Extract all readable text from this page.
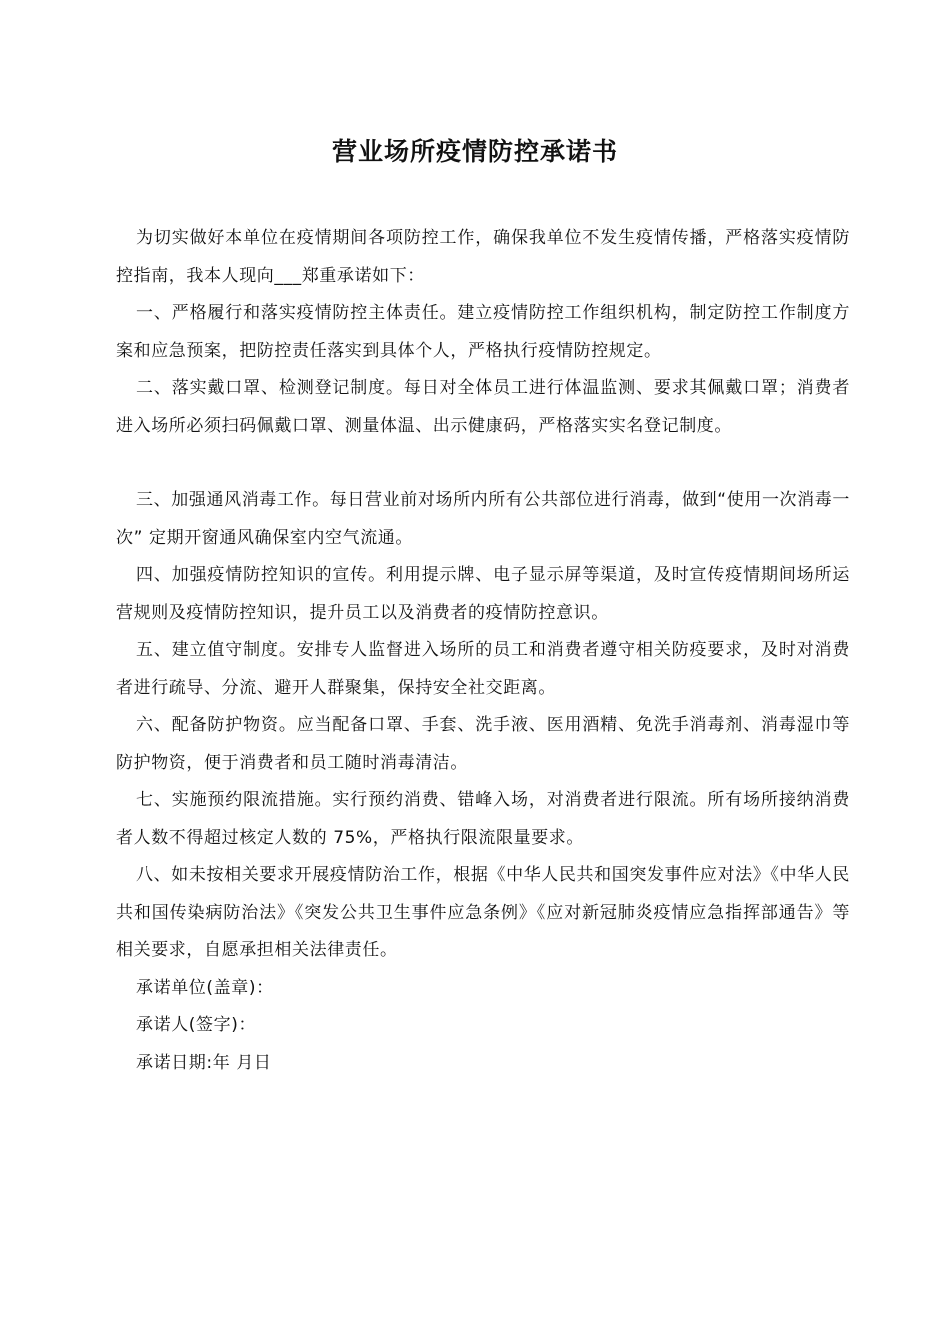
营业场所疫情防控承诺书

为切实做好本单位在疫情期间各项防控工作，确保我单位不发生疫情传播，严格落实疫情防控指南，我本人现向___郑重承诺如下：

一、严格履行和落实疫情防控主体责任。建立疫情防控工作组织机构，制定防控工作制度方案和应急预案，把防控责任落实到具体个人，严格执行疫情防控规定。

二、落实戴口罩、检测登记制度。每日对全体员工进行体温监测、要求其佩戴口罩；消费者进入场所必须扫码佩戴口罩、测量体温、出示健康码，严格落实实名登记制度。

三、加强通风消毒工作。每日营业前对场所内所有公共部位进行消毒，做到“使用一次消毒一次” 定期开窗通风确保室内空气流通。

四、加强疫情防控知识的宣传。利用提示牌、电子显示屏等渠道，及时宣传疫情期间场所运营规则及疫情防控知识，提升员工以及消费者的疫情防控意识。

五、建立值守制度。安排专人监督进入场所的员工和消费者遵守相关防疫要求，及时对消费者进行疏导、分流、避开人群聚集，保持安全社交距离。

六、配备防护物资。应当配备口罩、手套、洗手液、医用酒精、免洗手消毒剂、消毒湿巾等防护物资，便于消费者和员工随时消毒清洁。

七、实施预约限流措施。实行预约消费、错峰入场，对消费者进行限流。所有场所接纳消费者人数不得超过核定人数的 75%，严格执行限流限量要求。

八、如未按相关要求开展疫情防治工作，根据《中华人民共和国突发事件应对法》《中华人民共和国传染病防治法》《突发公共卫生事件应急条例》《应对新冠肺炎疫情应急指挥部通告》等相关要求，自愿承担相关法律责任。

承诺单位(盖章)：

承诺人(签字)：

承诺日期:年 月日
